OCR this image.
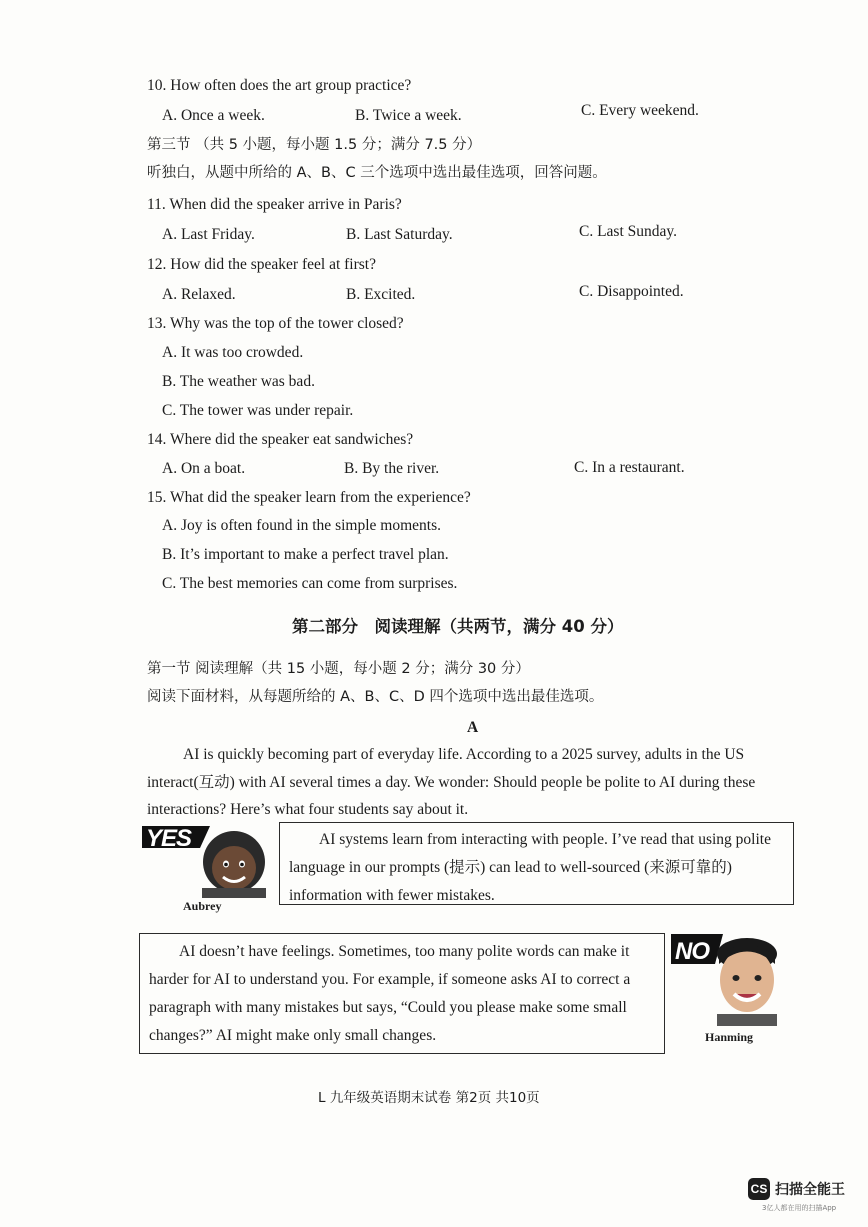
10. How often does the art group practice?
A. Once a week.	B. Twice a week.	C. Every weekend.
第三节 （共 5 小题，每小题 1.5 分；满分 7.5 分）
听独白，从题中所给的 A、B、C 三个选项中选出最佳选项，回答问题。
11. When did the speaker arrive in Paris?
A. Last Friday.	B. Last Saturday.	C. Last Sunday.
12. How did the speaker feel at first?
A. Relaxed.	B. Excited.	C. Disappointed.
13. Why was the top of the tower closed?
A. It was too crowded.
B. The weather was bad.
C. The tower was under repair.
14. Where did the speaker eat sandwiches?
A. On a boat.	B. By the river.	C. In a restaurant.
15. What did the speaker learn from the experience?
A. Joy is often found in the simple moments.
B. It’s important to make a perfect travel plan.
C. The best memories can come from surprises.
第二部分　阅读理解（共两节，满分 40 分）
第一节 阅读理解（共 15 小题，每小题 2 分；满分 30 分）
阅读下面材料，从每题所给的 A、B、C、D 四个选项中选出最佳选项。
A
AI is quickly becoming part of everyday life. According to a 2025 survey, adults in the US
interact(互动) with AI several times a day. We wonder: Should people be polite to AI during these
interactions? Here’s what four students say about it.
YES
Aubrey

AI systems learn from interacting with people. I’ve read that using polite

language in our prompts (提示) can lead to well-sourced (来源可靠的)

information with fewer mistakes.

AI doesn’t have feelings. Sometimes, too many polite words can make it

harder for AI to understand you. For example, if someone asks AI to correct a

paragraph with many mistakes but says, “Could you please make some small

changes?” AI might make only small changes.

NO
Hanming
L 九年级英语期末试卷 第2页 共10页
CS 扫描全能王
3亿人都在用的扫描App
